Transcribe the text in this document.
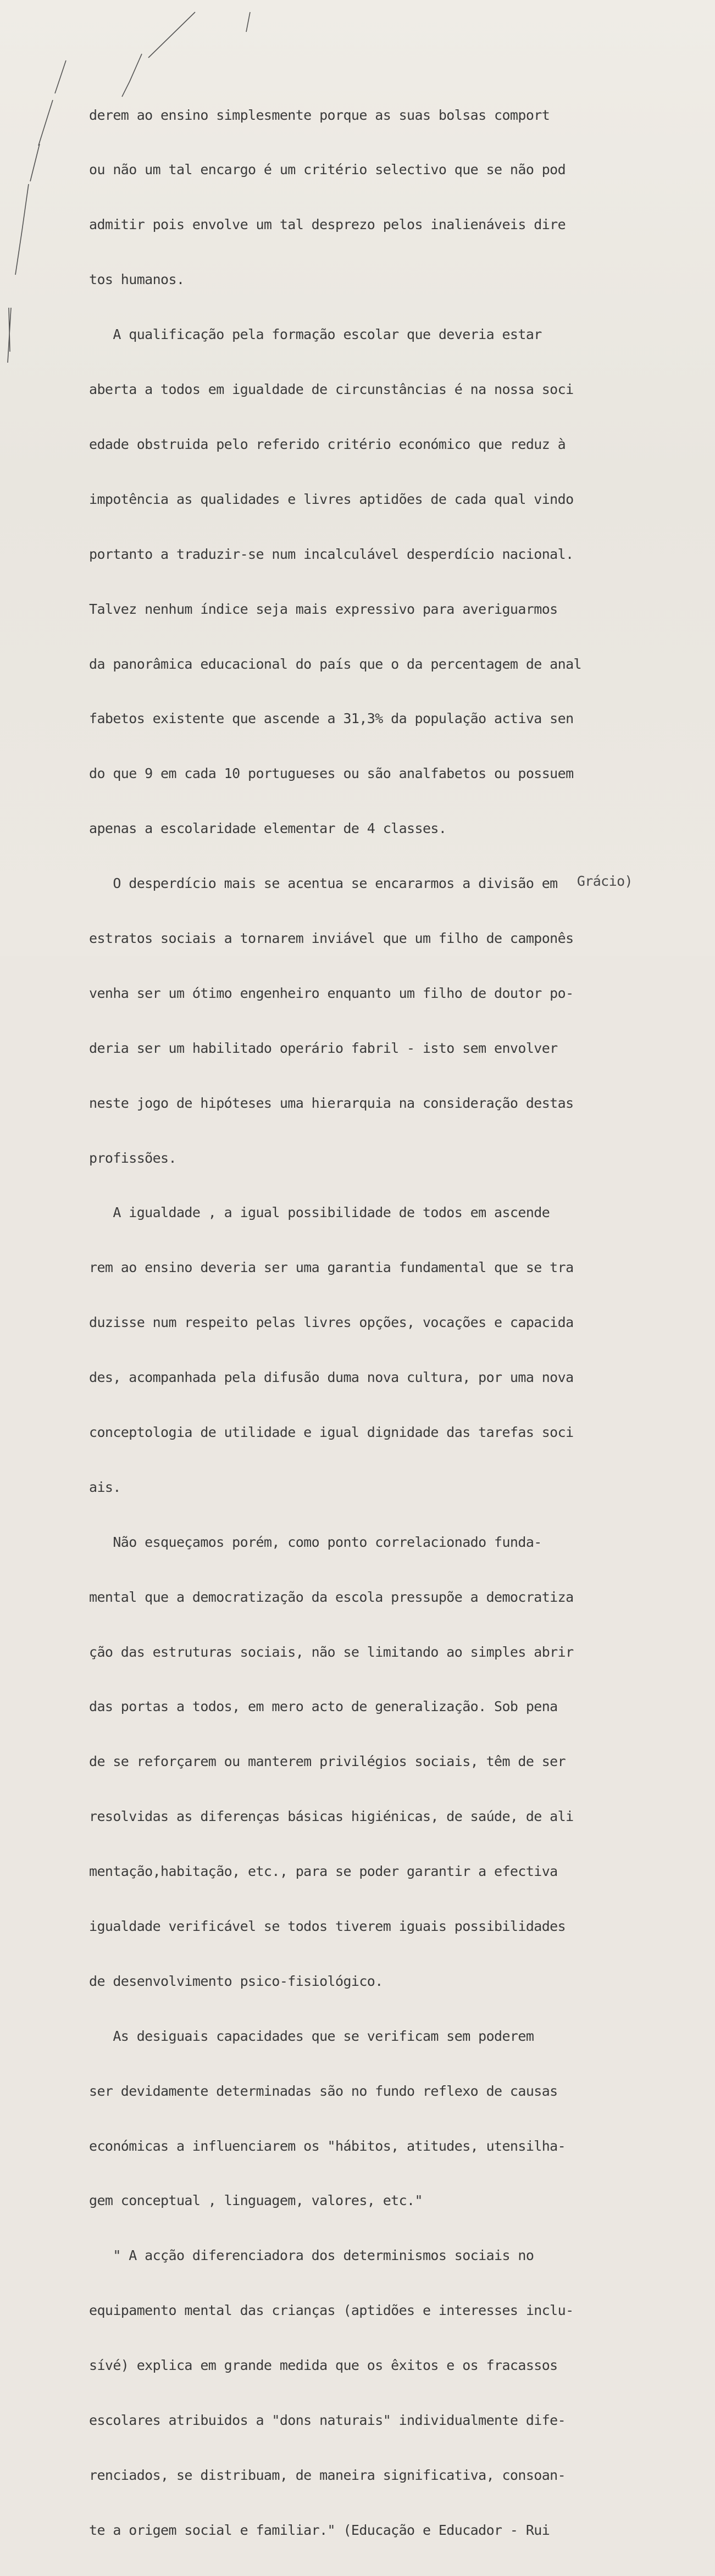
derem ao ensino simplesmente porque as suas bolsas comport

ou não um tal encargo é um critério selectivo que se não pod

admitir pois envolve um tal desprezo pelos inalienáveis dire

tos humanos.

A qualificação pela formação escolar que deveria estar

aberta a todos em igualdade de circunstâncias é na nossa soci

edade obstruida pelo referido critério económico que reduz à

impotência as qualidades e livres aptidões de cada qual vindo

portanto a traduzir-se num incalculável desperdício nacional.

Talvez nenhum índice seja mais expressivo para averiguarmos

da panorâmica educacional do país que o da percentagem de anal

fabetos existente que ascende a 31,3% da população activa sen

do que 9 em cada 10 portugueses ou são analfabetos ou possuem

apenas a escolaridade elementar de 4 classes.

O desperdício mais se acentua se encararmos a divisão em

estratos sociais a tornarem inviável que um filho de camponês

venha ser um ótimo engenheiro enquanto um filho de doutor po-

deria ser um habilitado operário fabril - isto sem envolver

neste jogo de hipóteses uma hierarquia na consideração destas

profissões.

A igualdade , a igual possibilidade de todos em ascende

rem ao ensino deveria ser uma garantia fundamental que se tra

duzisse num respeito pelas livres opções, vocações e capacida

des, acompanhada pela difusão duma nova cultura, por uma nova

conceptologia de utilidade e igual dignidade das tarefas soci

ais.

Não esqueçamos porém, como ponto correlacionado funda-

mental que a democratização da escola pressupõe a democratiza

ção das estruturas sociais, não se limitando ao simples abrir

das portas a todos, em mero acto de generalização. Sob pena

de se reforçarem ou manterem privilégios sociais, têm de ser

resolvidas as diferenças básicas higiénicas, de saúde, de ali

mentação,habitação, etc., para se poder garantir a efectiva

igualdade verificável se todos tiverem iguais possibilidades

de desenvolvimento psico-fisiológico.

As desiguais capacidades que se verificam sem poderem

ser devidamente determinadas são no fundo reflexo de causas

económicas a influenciarem os "hábitos, atitudes, utensilha-

gem conceptual , linguagem, valores, etc."

" A acção diferenciadora dos determinismos sociais no

equipamento mental das crianças (aptidões e interesses inclu-

sívé) explica em grande medida que os êxitos e os fracassos

escolares atribuidos a "dons naturais" individualmente dife-

renciados, se distribuam, de maneira significativa, consoan-

te a origem social e familiar." (Educação e Educador - Rui

Grácio)
